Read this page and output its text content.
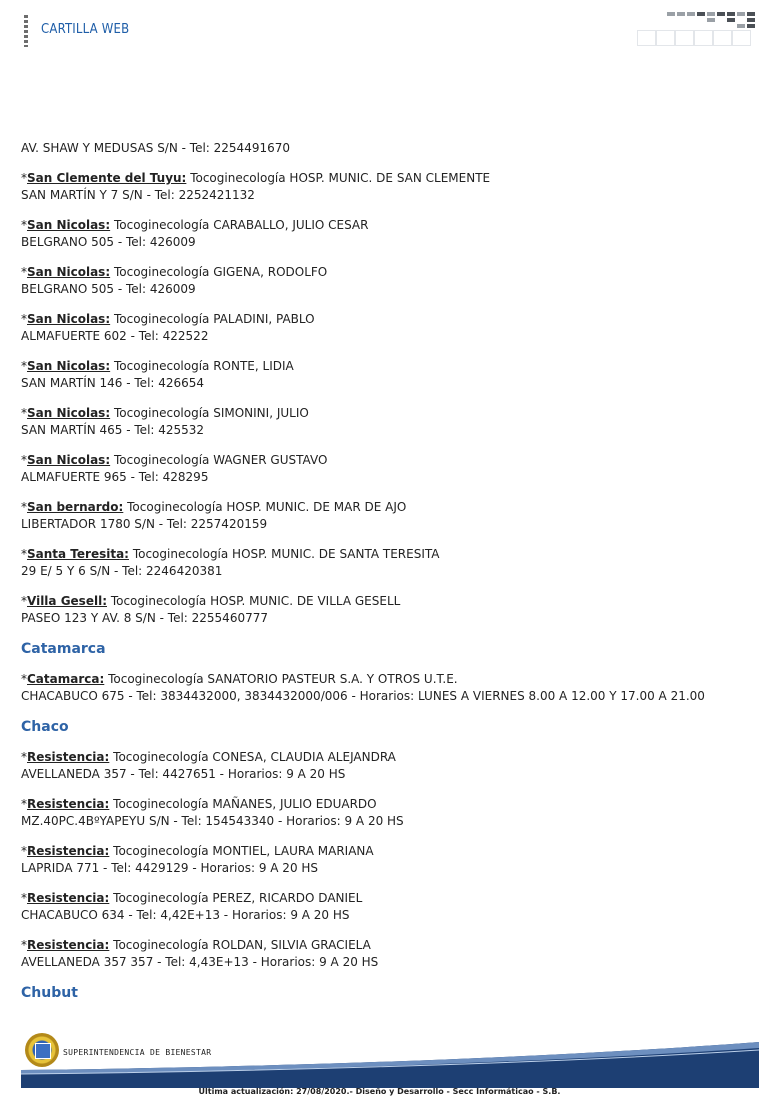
CARTILLA WEB
AV. SHAW Y MEDUSAS S/N - Tel: 2254491670
*San Clemente del Tuyu: Tocoginecología HOSP. MUNIC. DE SAN CLEMENTE
SAN MARTÍN Y 7 S/N - Tel: 2252421132
*San Nicolas: Tocoginecología CARABALLO, JULIO CESAR
BELGRANO 505 - Tel: 426009
*San Nicolas: Tocoginecología GIGENA, RODOLFO
BELGRANO 505 - Tel: 426009
*San Nicolas: Tocoginecología PALADINI, PABLO
ALMAFUERTE 602 - Tel: 422522
*San Nicolas: Tocoginecología RONTE, LIDIA
SAN MARTÍN 146 - Tel: 426654
*San Nicolas: Tocoginecología SIMONINI, JULIO
SAN MARTÍN 465 - Tel: 425532
*San Nicolas: Tocoginecología WAGNER GUSTAVO
ALMAFUERTE 965 - Tel: 428295
*San bernardo: Tocoginecología HOSP. MUNIC. DE MAR DE AJO
LIBERTADOR 1780 S/N - Tel: 2257420159
*Santa Teresita: Tocoginecología HOSP. MUNIC. DE SANTA TERESITA
29 E/ 5 Y 6 S/N - Tel: 2246420381
*Villa Gesell: Tocoginecología HOSP. MUNIC. DE VILLA GESELL
PASEO 123 Y AV. 8 S/N - Tel: 2255460777
Catamarca
*Catamarca: Tocoginecología SANATORIO PASTEUR S.A. Y OTROS U.T.E.
CHACABUCO 675 - Tel: 3834432000, 3834432000/006 - Horarios: LUNES A VIERNES 8.00 A 12.00 Y 17.00 A 21.00
Chaco
*Resistencia: Tocoginecología CONESA, CLAUDIA ALEJANDRA
AVELLANEDA 357 - Tel: 4427651 - Horarios: 9 A 20 HS
*Resistencia: Tocoginecología MAÑANES, JULIO EDUARDO
MZ.40PC.4BºYAPEYU S/N - Tel: 154543340 - Horarios: 9 A 20 HS
*Resistencia: Tocoginecología MONTIEL, LAURA MARIANA
LAPRIDA 771 - Tel: 4429129 - Horarios: 9 A 20 HS
*Resistencia: Tocoginecología PEREZ, RICARDO DANIEL
CHACABUCO 634 - Tel: 4,42E+13 - Horarios: 9 A 20 HS
*Resistencia: Tocoginecología ROLDAN, SILVIA GRACIELA
AVELLANEDA 357 357 - Tel: 4,43E+13 - Horarios: 9 A 20 HS
Chubut
SUPERINTENDENCIA DE BIENESTAR
Ultima actualización: 27/08/2020.- Diseño y Desarrollo - Secc Informáticao - S.B.
